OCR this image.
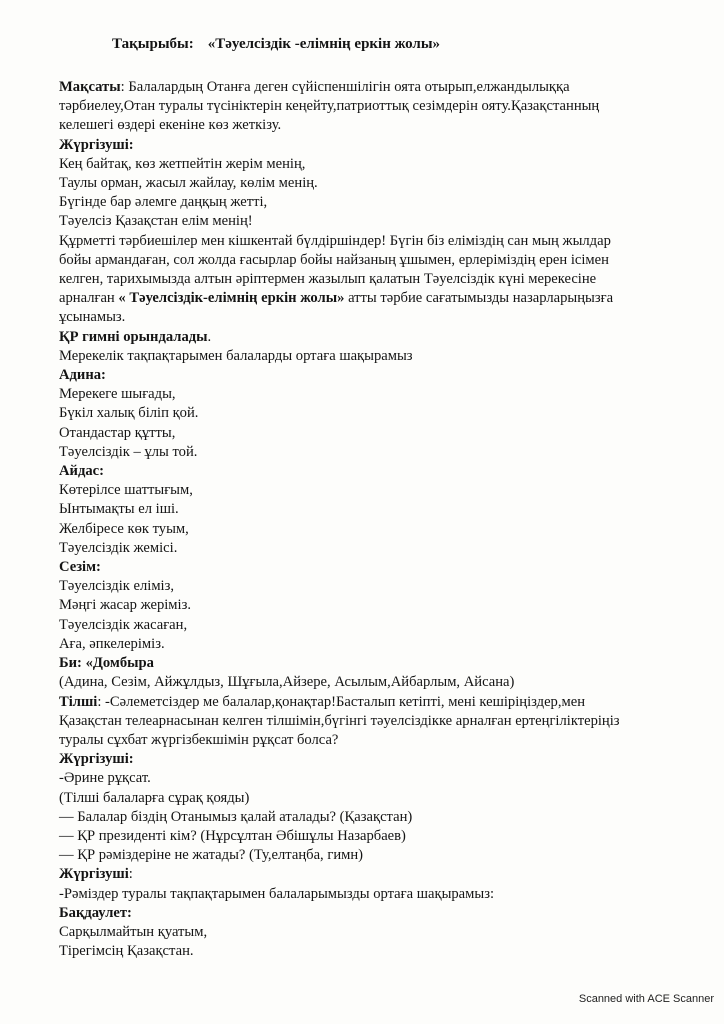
Тақырыбы: «Тәуелсіздік -елімнің еркін жолы»
Мақсаты: Балалардың Отанға деген сүйіспеншілігін оята отырып,елжандылыққа
тәрбиелеу,Отан туралы түсініктерін кеңейту,патриоттық сезімдерін ояту.Қазақстанның
келешегі өздері екеніне көз жеткізу.
Жүргізуші:
Кең байтақ, көз жетпейтін жерім менің,
Таулы орман, жасыл жайлау, көлім менің.
Бүгінде бар әлемге даңқың жетті,
Тәуелсіз Қазақстан елім менің!
Құрметті тәрбиешілер мен кішкентай бүлдіршіндер! Бүгін біз еліміздің сан мың жылдар
бойы армандаған, сол жолда ғасырлар бойы найзаның ұшымен, ерлеріміздің ерен ісімен
келген, тарихымызда алтын әріптермен жазылып қалатын Тәуелсіздік күні мерекесіне
арналған « Тәуелсіздік-елімнің еркін жолы» атты тәрбие сағатымызды назарларыңызға
ұсынамыз.
ҚР гимні орындалады.
Мерекелік тақпақтарымен балаларды ортаға шақырамыз
Адина:
Мерекеге шығады,
Бүкіл халық біліп қой.
Отандастар құтты,
Тәуелсіздік – ұлы той.
Айдас:
Көтерілсе шаттығым,
Ынтымақты ел іші.
Желбіресе көк туым,
Тәуелсіздік жемісі.
Сезім:
Тәуелсіздік еліміз,
Мәңгі жасар жеріміз.
Тәуелсіздік жасаған,
Аға, әпкелеріміз.
Би: «Домбыра
(Адина, Сезім, Айжұлдыз, Шұғыла,Айзере, Асылым,Айбарлым, Айсана)
Тілші: -Сәлеметсіздер ме балалар,қонақтар!Басталып кетіпті, мені кешіріңіздер,мен
Қазақстан телеарнасынан келген тілшімін,бүгінгі тәуелсіздікке арналған ертеңгіліктеріңіз
туралы сұхбат жүргізбекшімін рұқсат болса?
Жүргізуші:
-Әрине рұқсат.
(Тілші балаларға сұрақ қояды)
— Балалар біздің Отанымыз қалай аталады? (Қазақстан)
— ҚР президенті кім? (Нұрсұлтан Әбішұлы Назарбаев)
— ҚР рәміздеріне не жатады? (Ту,елтаңба, гимн)
Жүргізуші:
-Рәміздер туралы тақпақтарымен балаларымызды ортаға шақырамыз:
Бақдаулет:
Сарқылмайтын қуатым,
Тірегімсің Қазақстан.
Scanned with ACE Scanner
